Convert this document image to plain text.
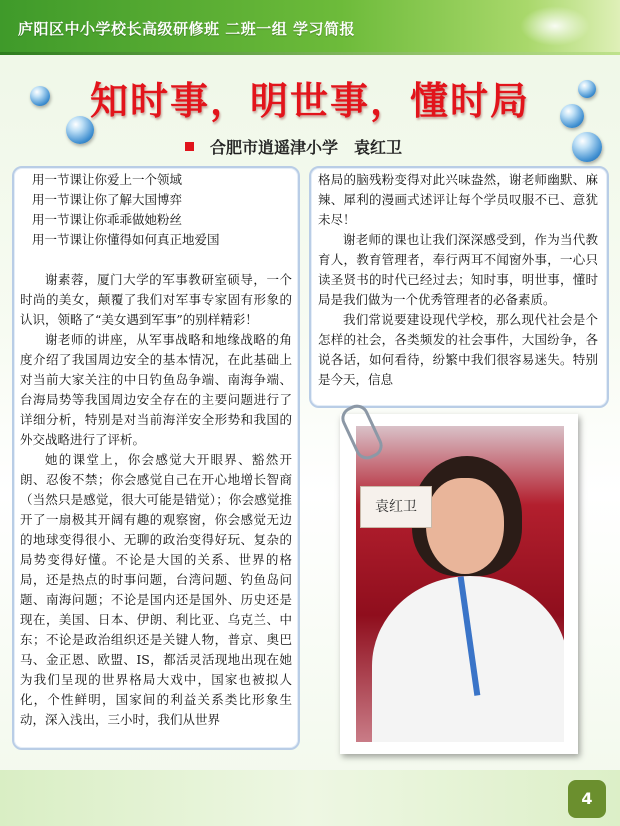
庐阳区中小学校长高级研修班 二班一组 学习简报
知时事，明世事，懂时局
合肥市逍遥津小学　袁红卫

用一节课让你爱上一个领域

用一节课让你了解大国博弈

用一节课让你乖乖做她粉丝

用一节课让你懂得如何真正地爱国

谢素蓉，厦门大学的军事教研室硕导，一个时尚的美女，颠覆了我们对军事专家固有形象的认识，领略了“美女遇到军事”的别样精彩！

谢老师的讲座，从军事战略和地缘战略的角度介绍了我国周边安全的基本情况，在此基础上对当前大家关注的中日钓鱼岛争端、南海争端、台海局势等我国周边安全存在的主要问题进行了详细分析，特别是对当前海洋安全形势和我国的外交战略进行了评析。

她的课堂上，你会感觉大开眼界、豁然开朗、忍俊不禁；你会感觉自己在开心地增长智商（当然只是感觉，很大可能是错觉）；你会感觉推开了一扇极其开阔有趣的观察窗，你会感觉无边的地球变得很小、无聊的政治变得好玩、复杂的局势变得好懂。不论是大国的关系、世界的格局，还是热点的时事问题，台湾问题、钓鱼岛问题、南海问题；不论是国内还是国外、历史还是现在，美国、日本、伊朗、利比亚、乌克兰、中东；不论是政治组织还是关键人物，普京、奥巴马、金正恩、欧盟、IS，都活灵活现地出现在她为我们呈现的世界格局大戏中，国家也被拟人化，个性鲜明，国家间的利益关系类比形象生动，深入浅出，三小时，我们从世界

格局的脑残粉变得对此兴味盎然，谢老师幽默、麻辣、犀利的漫画式述评让每个学员叹服不已、意犹未尽！

谢老师的课也让我们深深感受到，作为当代教育人，教育管理者，奉行两耳不闻窗外事，一心只读圣贤书的时代已经过去；知时事，明世事，懂时局是我们做为一个优秀管理者的必备素质。

我们常说要建设现代学校，那么现代社会是个怎样的社会，各类频发的社会事件，大国纷争，各说各话，如何看待，纷繁中我们很容易迷失。特别是今天，信息

袁红卫
4
